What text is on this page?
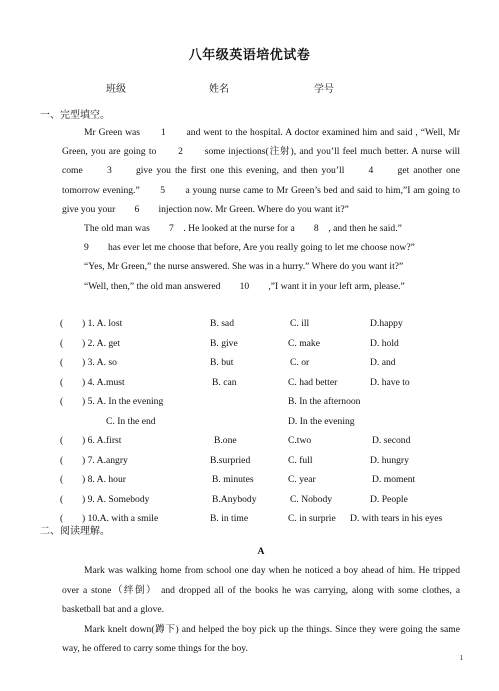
八年级英语培优试卷
班级	姓名	学号
一、完型填空。

Mr Green was　　1　　and went to the hospital. A doctor examined him and said , “Well, Mr Green, you are going to　　2　　some injections(注射), and you’ll feel much better. A nurse will come　　3　　give you the first one this evening, and then you’ll　　4　　get another one tomorrow evening.”　　5　　a young nurse came to Mr Green’s bed and said to him,”I am going to give you your　　6　　injection now. Mr Green. Where do you want it?”

The old man was　　7　. He looked at the nurse for a　　8　, and then he said.”

9　　has ever let me choose that before, Are you really going to let me choose now?”

“Yes, Mr Green,” the nurse answered. She was in a hurry.” Where do you want it?”

“Well, then,” the old man answered　　10　　,”I want it in your left arm, please.”

( ) 1. A. lost	B. sad	C. ill	D.happy
( ) 2. A. get	B. give	C. make	D. hold
( ) 3. A. so	B. but	C. or	D. and
( ) 4. A.must	B. can	C. had better	D. have to
( ) 5. A. In the evening	B. In the afternoon
C. In the end	D. In the evening
( ) 6. A.first	B.one	C.two	D. second
( ) 7. A.angry	B.surpried	C. full	D. hungry
( ) 8. A. hour	B. minutes	C. year	D. moment
( ) 9. A. Somebody	B.Anybody	C. Nobody	D. People
( ) 10.A. with a smile	B. in time	C. in surprie D. with tears in his eyes
二、阅读理解。

A

Mark was walking home from school one day when he noticed a boy ahead of him. He tripped over a stone（绊倒） and dropped all of the books he was carrying, along with some clothes, a basketball bat and a glove.

Mark knelt down(蹲下) and helped the boy pick up the things. Since they were going the same way, he offered to carry some things for the boy.

1
